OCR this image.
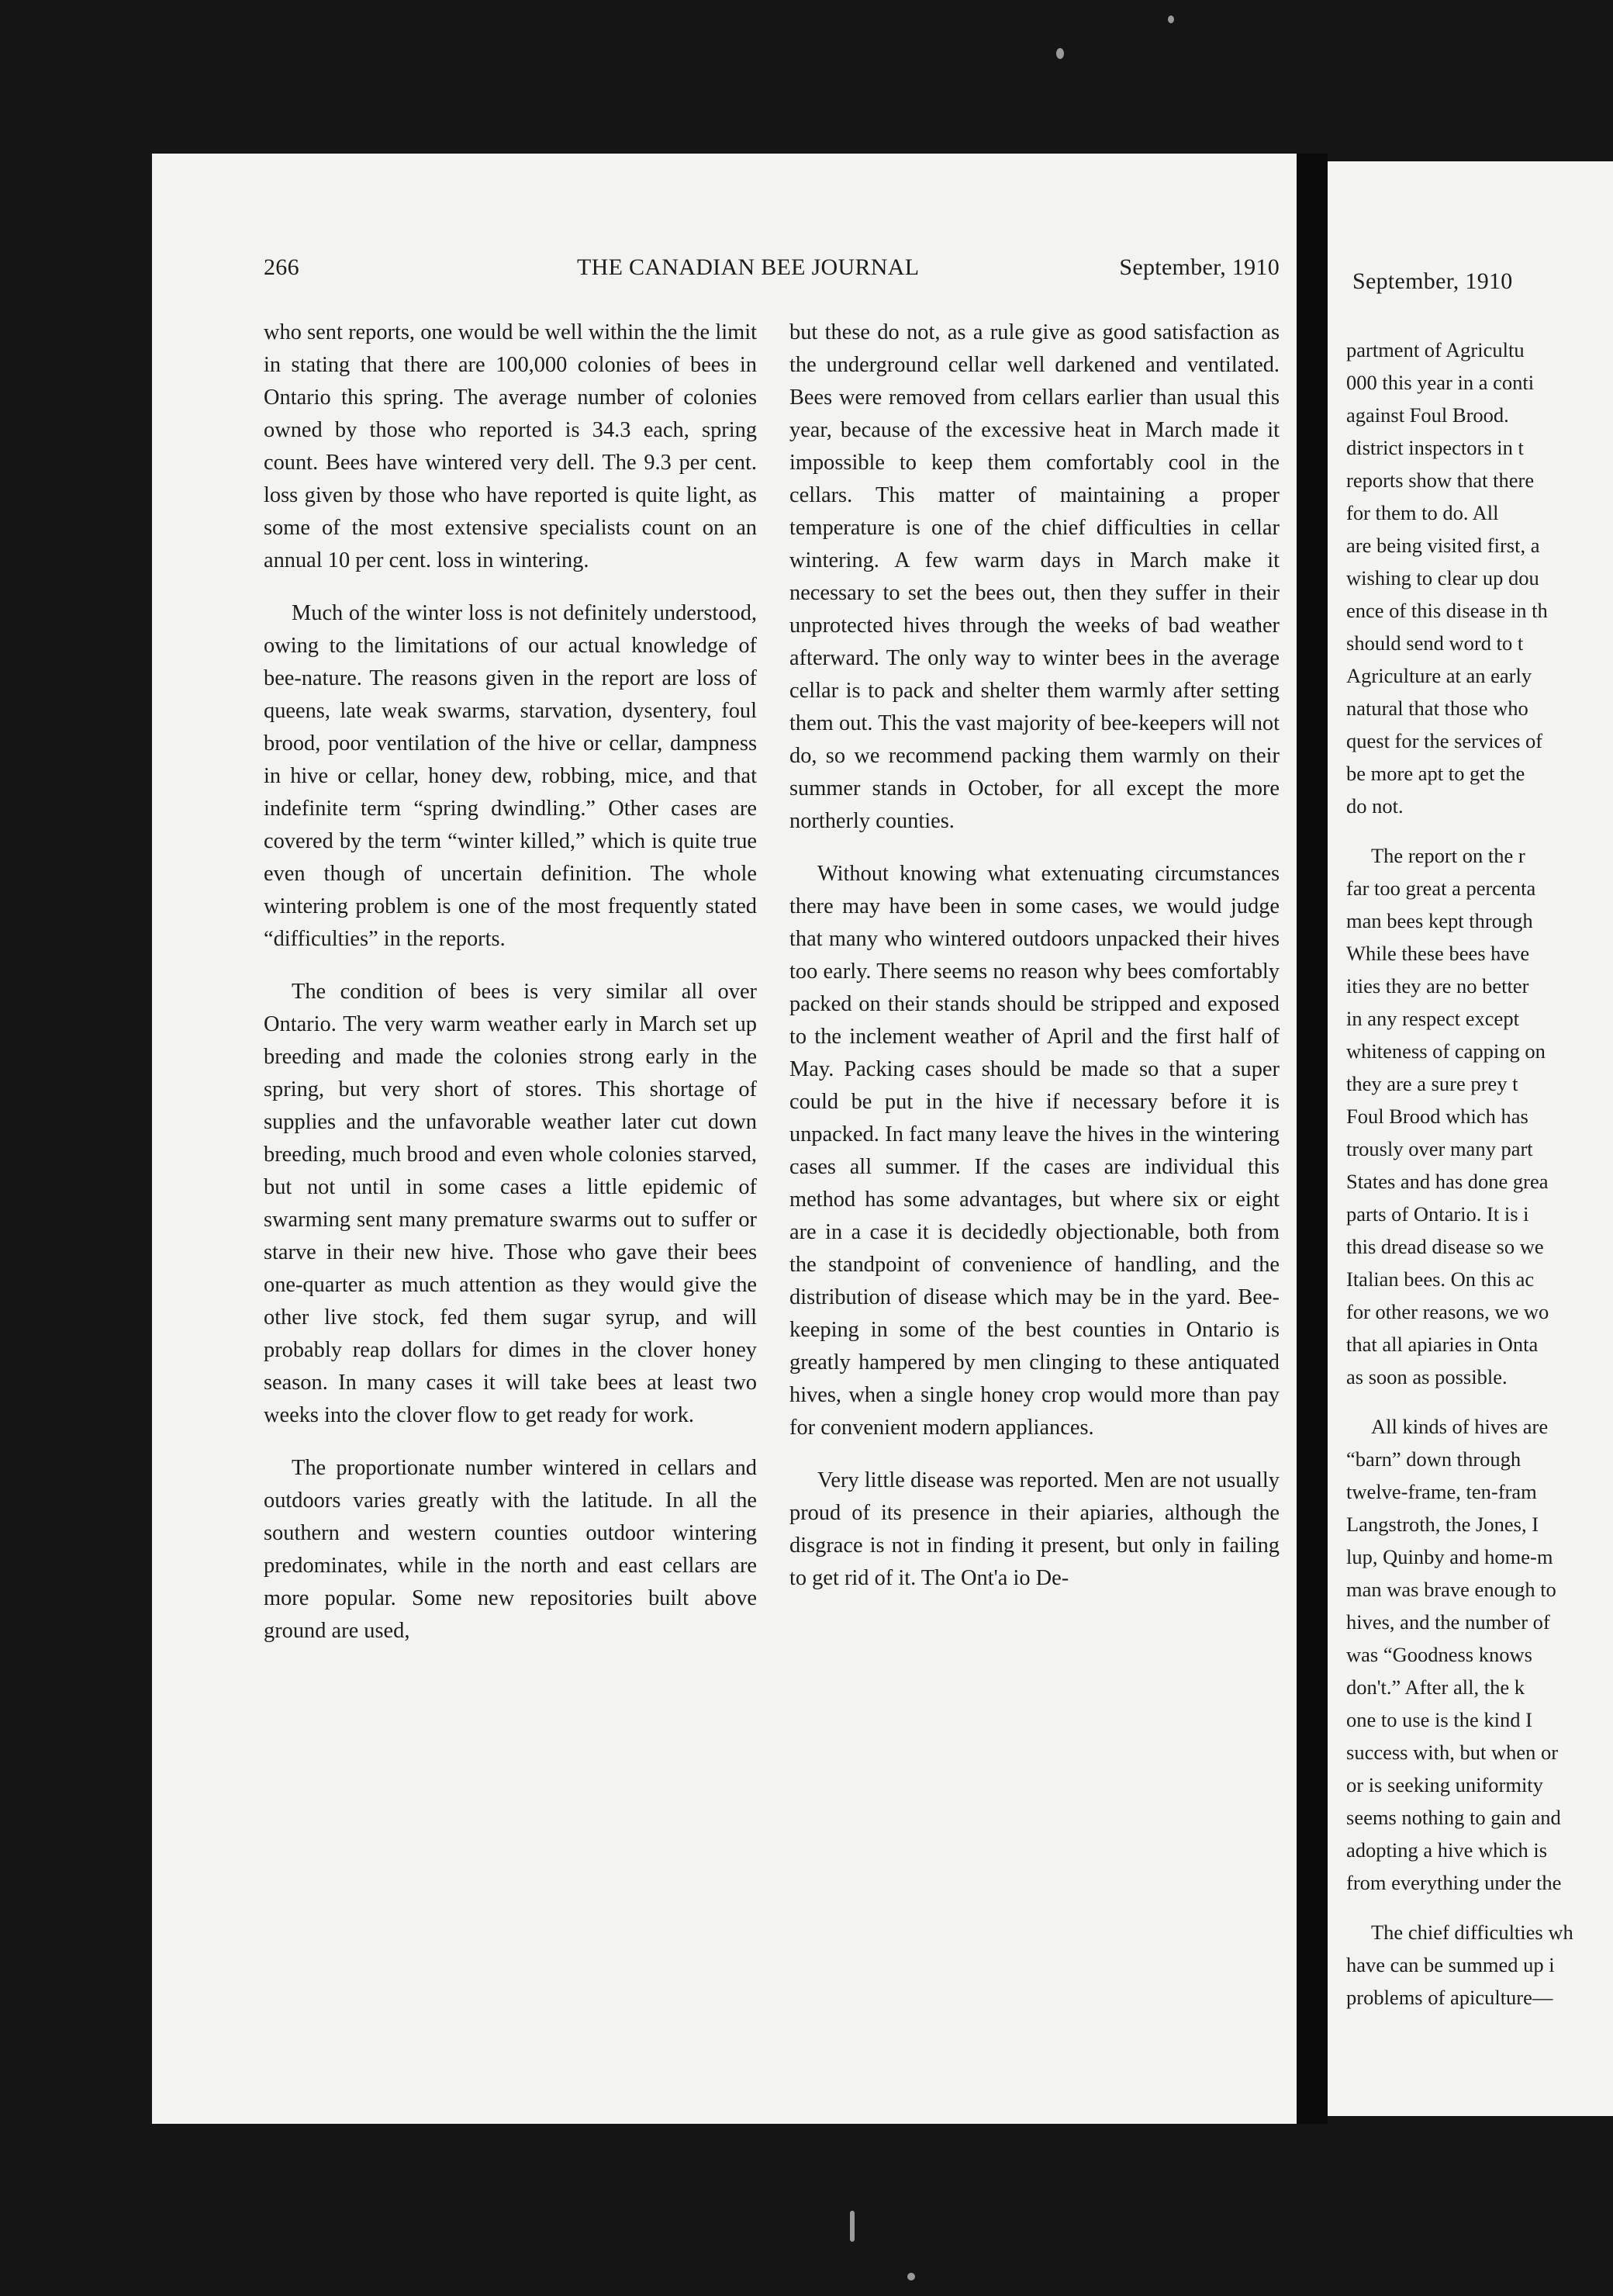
266	THE CANADIAN BEE JOURNAL	September, 1910

who sent reports, one would be well within the the limit in stating that there are 100,000 colonies of bees in Ontario this spring. The average number of colonies owned by those who reported is 34.3 each, spring count. Bees have wintered very dell. The 9.3 per cent. loss given by those who have reported is quite light, as some of the most extensive specialists count on an annual 10 per cent. loss in wintering.

Much of the winter loss is not definitely understood, owing to the limitations of our actual knowledge of bee-nature. The reasons given in the report are loss of queens, late weak swarms, starvation, dysentery, foul brood, poor ventilation of the hive or cellar, dampness in hive or cellar, honey dew, robbing, mice, and that indefinite term “spring dwindling.” Other cases are covered by the term “winter killed,” which is quite true even though of uncertain definition. The whole wintering problem is one of the most frequently stated “difficulties” in the reports.

The condition of bees is very similar all over Ontario. The very warm weather early in March set up breeding and made the colonies strong early in the spring, but very short of stores. This shortage of supplies and the unfavorable weather later cut down breeding, much brood and even whole colonies starved, but not until in some cases a little epidemic of swarming sent many premature swarms out to suffer or starve in their new hive. Those who gave their bees one-quarter as much attention as they would give the other live stock, fed them sugar syrup, and will probably reap dollars for dimes in the clover honey season. In many cases it will take bees at least two weeks into the clover flow to get ready for work.

The proportionate number wintered in cellars and outdoors varies greatly with the latitude. In all the southern and western counties outdoor wintering predominates, while in the north and east cellars are more popular. Some new repositories built above ground are used,

but these do not, as a rule give as good satisfaction as the underground cellar well darkened and ventilated. Bees were removed from cellars earlier than usual this year, because of the excessive heat in March made it impossible to keep them comfortably cool in the cellars. This matter of maintaining a proper temperature is one of the chief difficulties in cellar wintering. A few warm days in March make it necessary to set the bees out, then they suffer in their unprotected hives through the weeks of bad weather afterward. The only way to winter bees in the average cellar is to pack and shelter them warmly after setting them out. This the vast majority of bee-keepers will not do, so we recommend packing them warmly on their summer stands in October, for all except the more northerly counties.

Without knowing what extenuating circumstances there may have been in some cases, we would judge that many who wintered outdoors unpacked their hives too early. There seems no reason why bees comfortably packed on their stands should be stripped and exposed to the inclement weather of April and the first half of May. Packing cases should be made so that a super could be put in the hive if necessary before it is unpacked. In fact many leave the hives in the wintering cases all summer. If the cases are individual this method has some advantages, but where six or eight are in a case it is decidedly objectionable, both from the standpoint of convenience of handling, and the distribution of disease which may be in the yard. Bee-keeping in some of the best counties in Ontario is greatly hampered by men clinging to these antiquated hives, when a single honey crop would more than pay for convenient modern appliances.

Very little disease was reported. Men are not usually proud of its presence in their apiaries, although the disgrace is not in finding it present, but only in failing to get rid of it. The Ont'a io De-

September, 1910

partment of Agricultu
000 this year in a conti
against Foul Brood.
district inspectors in t
reports show that there
for them to do. All
are being visited first, a
wishing to clear up dou
ence of this disease in th
should send word to t
Agriculture at an early
natural that those who
quest for the services of
be more apt to get the
do not.

The report on the r
far too great a percenta
man bees kept through
While these bees have
ities they are no better
in any respect except
whiteness of capping on
they are a sure prey t
Foul Brood which has
trously over many part
States and has done grea
parts of Ontario. It is i
this dread disease so we
Italian bees. On this ac
for other reasons, we wo
that all apiaries in Onta
as soon as possible.

All kinds of hives are
“barn” down through
twelve-frame, ten-fram
Langstroth, the Jones, I
lup, Quinby and home-m
man was brave enough to
hives, and the number of
was “Goodness knows
don't.” After all, the k
one to use is the kind I
success with, but when or
or is seeking uniformity
seems nothing to gain and
adopting a hive which is
from everything under the

The chief difficulties wh
have can be summed up i
problems of apiculture—
